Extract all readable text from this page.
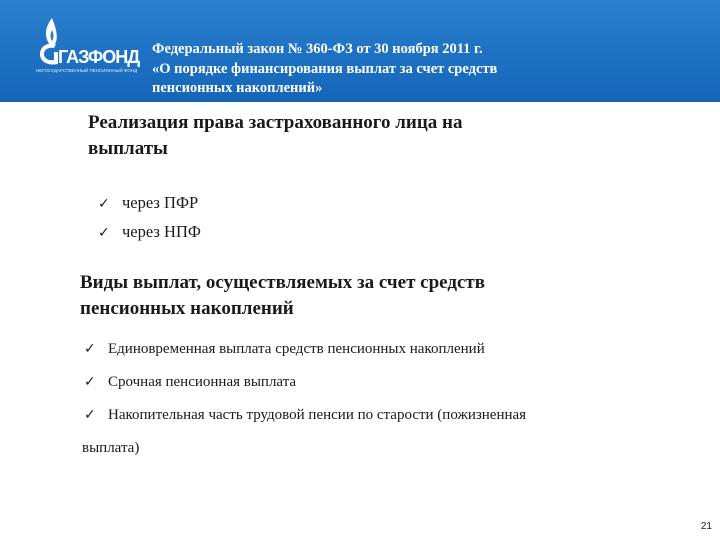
ГАЗФОНД
НЕГОСУДАРСТВЕННЫЙ ПЕНСИОННЫЙ ФОНД
Федеральный закон № 360-ФЗ от 30 ноября 2011 г.
«О порядке финансирования выплат за счет средств
пенсионных накоплений»
Реализация права застрахованного лица на
выплаты
✓ через ПФР
✓ через НПФ
Виды выплат, осуществляемых за счет средств
пенсионных накоплений
✓ Единовременная выплата средств пенсионных накоплений
✓ Срочная пенсионная выплата
✓ Накопительная часть трудовой пенсии по старости (пожизненная
выплата)
21
